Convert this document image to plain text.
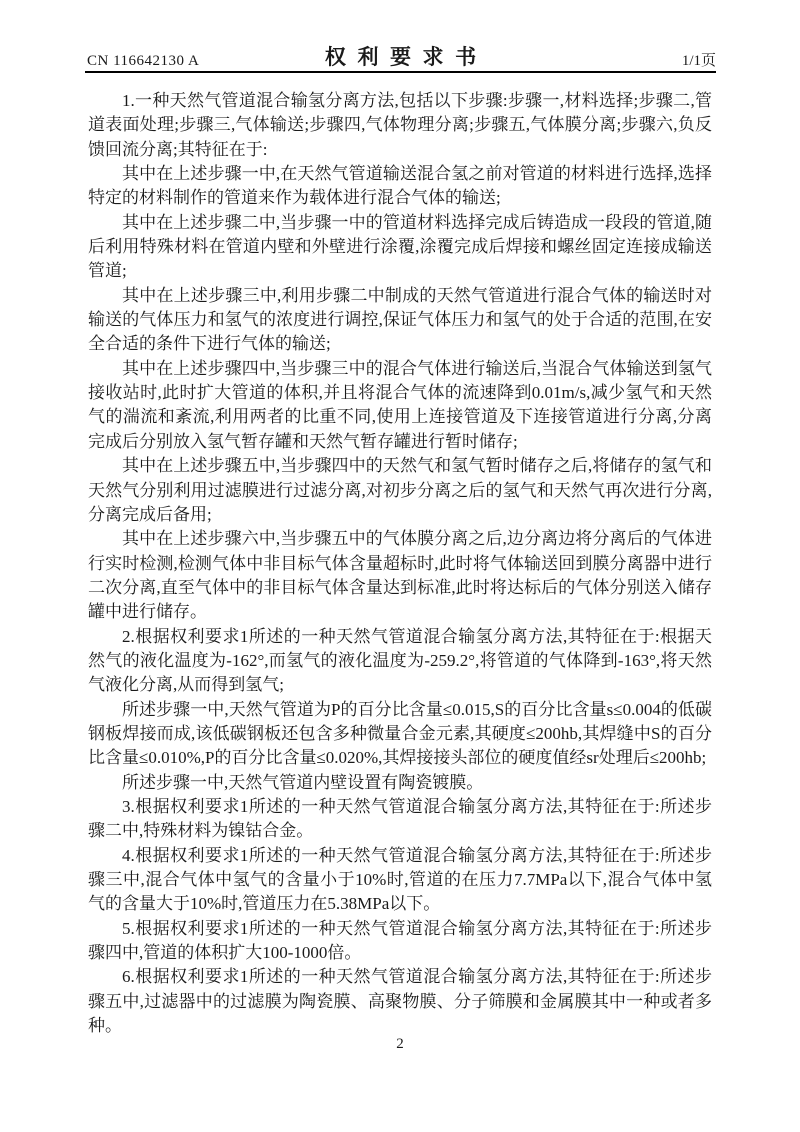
CN 116642130 A	权利要求书	1/1页

1.一种天然气管道混合输氢分离方法,包括以下步骤:步骤一,材料选择;步骤二,管道表面处理;步骤三,气体输送;步骤四,气体物理分离;步骤五,气体膜分离;步骤六,负反馈回流分离;其特征在于:

其中在上述步骤一中,在天然气管道输送混合氢之前对管道的材料进行选择,选择特定的材料制作的管道来作为载体进行混合气体的输送;

其中在上述步骤二中,当步骤一中的管道材料选择完成后铸造成一段段的管道,随后利用特殊材料在管道内壁和外壁进行涂覆,涂覆完成后焊接和螺丝固定连接成输送管道;

其中在上述步骤三中,利用步骤二中制成的天然气管道进行混合气体的输送时对输送的气体压力和氢气的浓度进行调控,保证气体压力和氢气的处于合适的范围,在安全合适的条件下进行气体的输送;

其中在上述步骤四中,当步骤三中的混合气体进行输送后,当混合气体输送到氢气接收站时,此时扩大管道的体积,并且将混合气体的流速降到0.01m/s,减少氢气和天然气的湍流和紊流,利用两者的比重不同,使用上连接管道及下连接管道进行分离,分离完成后分别放入氢气暂存罐和天然气暂存罐进行暂时储存;

其中在上述步骤五中,当步骤四中的天然气和氢气暂时储存之后,将储存的氢气和天然气分别利用过滤膜进行过滤分离,对初步分离之后的氢气和天然气再次进行分离,分离完成后备用;

其中在上述步骤六中,当步骤五中的气体膜分离之后,边分离边将分离后的气体进行实时检测,检测气体中非目标气体含量超标时,此时将气体输送回到膜分离器中进行二次分离,直至气体中的非目标气体含量达到标准,此时将达标后的气体分别送入储存罐中进行储存。

2.根据权利要求1所述的一种天然气管道混合输氢分离方法,其特征在于:根据天然气的液化温度为-162°,而氢气的液化温度为-259.2°,将管道的气体降到-163°,将天然气液化分离,从而得到氢气;

所述步骤一中,天然气管道为P的百分比含量≤0.015,S的百分比含量s≤0.004的低碳钢板焊接而成,该低碳钢板还包含多种微量合金元素,其硬度≤200hb,其焊缝中S的百分比含量≤0.010%,P的百分比含量≤0.020%,其焊接接头部位的硬度值经sr处理后≤200hb;

所述步骤一中,天然气管道内壁设置有陶瓷镀膜。

3.根据权利要求1所述的一种天然气管道混合输氢分离方法,其特征在于:所述步骤二中,特殊材料为镍钴合金。

4.根据权利要求1所述的一种天然气管道混合输氢分离方法,其特征在于:所述步骤三中,混合气体中氢气的含量小于10%时,管道的在压力7.7MPa以下,混合气体中氢气的含量大于10%时,管道压力在5.38MPa以下。

5.根据权利要求1所述的一种天然气管道混合输氢分离方法,其特征在于:所述步骤四中,管道的体积扩大100-1000倍。

6.根据权利要求1所述的一种天然气管道混合输氢分离方法,其特征在于:所述步骤五中,过滤器中的过滤膜为陶瓷膜、高聚物膜、分子筛膜和金属膜其中一种或者多种。

2
